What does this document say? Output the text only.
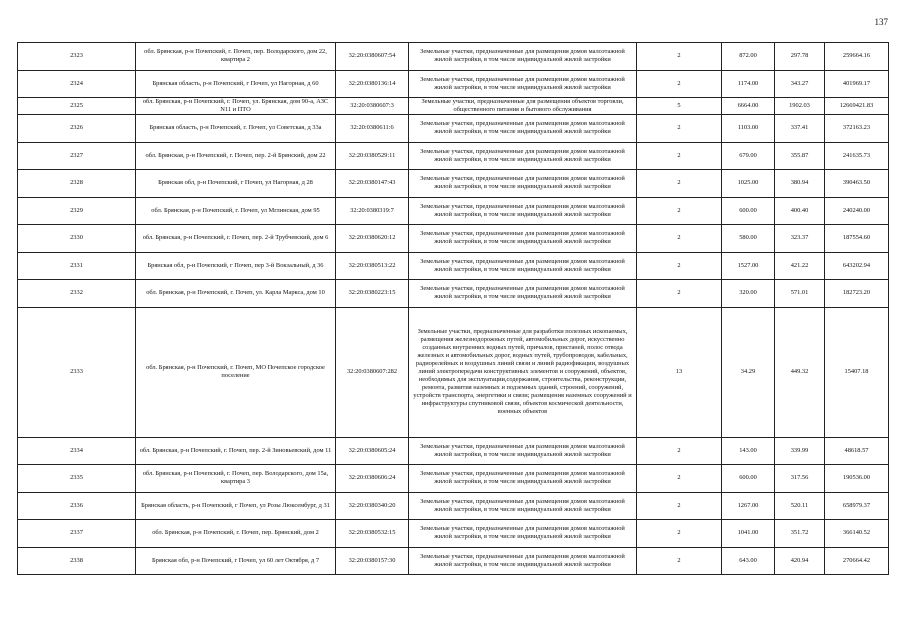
137
2323	обл. Брянская, р-н Почепский, г. Почеп, пер. Володарского, дом 22, квартира 2	32:20:0380607:54	Земельные участки, предназначенные для размещения домов малоэтажной жилой застройки, в том числе индивидуальной жилой застройки	2	872.00	297.78	259664.16
2324	Брянская область, р-н Почепский, г Почеп, ул Нагорная, д 60	32:20:0380136:14	Земельные участки, предназначенные для размещения домов малоэтажной жилой застройки, в том числе индивидуальной жилой застройки	2	1174.00	343.27	401969.17
2325	обл. Брянская, р-н Почепский, г. Почеп, ул. Брянская, дом 90-а, АЗС N11 и ПТО	32:20:0380607:3	Земельные участки, предназначенные для размещения объектов торговли, общественного питания и бытового обслуживания	5	6664.00	1902.03	12669421.83
2326	Брянская область, р-н Почепский, г. Почеп, ул Советская, д 33а	32:20:0380611:6	Земельные участки, предназначенные для размещения домов малоэтажной жилой застройки, в том числе индивидуальной жилой застройки	2	1103.00	337.41	372163.23
2327	обл. Брянская, р-н Почепский, г. Почеп, пер. 2-й Брянский, дом 22	32:20:0380529:11	Земельные участки, предназначенные для размещения домов малоэтажной жилой застройки, в том числе индивидуальной жилой застройки	2	679.00	355.87	241635.73
2328	Брянская обл, р-н Почепский, г Почеп, ул Нагорная, д 28	32:20:0380147:43	Земельные участки, предназначенные для размещения домов малоэтажной жилой застройки, в том числе индивидуальной жилой застройки	2	1025.00	380.94	390463.50
2329	обл. Брянская, р-н Почепский, г. Почеп, ул Мглинская, дом 95	32:20:0380319:7	Земельные участки, предназначенные для размещения домов малоэтажной жилой застройки, в том числе индивидуальной жилой застройки	2	600.00	400.40	240240.00
2330	обл. Брянская, р-н Почепский, г. Почеп, пер. 2-й Трубчевский, дом 6	32:20:0380620:12	Земельные участки, предназначенные для размещения домов малоэтажной жилой застройки, в том числе индивидуальной жилой застройки	2	580.00	323.37	187554.60
2331	Брянская обл, р-н Почепский, г Почеп, пер 3-й Вокзальный, д 36	32:20:0380513:22	Земельные участки, предназначенные для размещения домов малоэтажной жилой застройки, в том числе индивидуальной жилой застройки	2	1527.00	421.22	643202.94
2332	обл. Брянская, р-н Почепский, г. Почеп, ул. Карла Маркса, дом 10	32:20:0380223:15	Земельные участки, предназначенные для размещения домов малоэтажной жилой застройки, в том числе индивидуальной жилой застройки	2	320.00	571.01	182723.20
2333	обл. Брянская, р-н Почепский, г. Почеп, МО Почепское городское поселение	32:20:0380607:282	Земельные участки, предназначенные для разработки полезных ископаемых, размещения железнодорожных путей, автомобильных дорог, искусственно созданных внутренних водных путей, причалов, пристаней, полос отвода железных и автомобильных дорог, водных путей, трубопроводов, кабельных, радиорелейных и воздушных линий связи и линий радиофикации, воздушных линий электропередачи конструктивных элементов и сооружений, объектов, необходимых для эксплуатации,содержания, строительства, реконструкции, ремонта, развития наземных и подземных зданий, строений, сооружений, устройств транспорта, энергетики и связи; размещения наземных сооружений и инфраструктуры спутниковой связи, объектов космической деятельности, военных объектов	13	34.29	449.32	15407.18
2334	обл. Брянская, р-н Почепский, г. Почеп, пер. 2-й Зиновьевский, дом 11	32:20:0380605:24	Земельные участки, предназначенные для размещения домов малоэтажной жилой застройки, в том числе индивидуальной жилой застройки	2	143.00	339.99	48618.57
2335	обл. Брянская, р-н Почепский, г. Почеп, пер. Володарского, дом 15а, квартира 3	32:20:0380606:24	Земельные участки, предназначенные для размещения домов малоэтажной жилой застройки, в том числе индивидуальной жилой застройки	2	600.00	317.56	190536.00
2336	Брянская область, р-н Почепский, г Почеп, ул Розы Люксембург, д 31	32:20:0380340:20	Земельные участки, предназначенные для размещения домов малоэтажной жилой застройки, в том числе индивидуальной жилой застройки	2	1267.00	520.11	658979.37
2337	обл. Брянская, р-н Почепский, г. Почеп, пер. Брянский, дом 2	32:20:0380532:15	Земельные участки, предназначенные для размещения домов малоэтажной жилой застройки, в том числе индивидуальной жилой застройки	2	1041.00	351.72	366140.52
2338	Брянская обл, р-н Почепский, г Почеп, ул 60 лет Октября, д 7	32:20:0380157:30	Земельные участки, предназначенные для размещения домов малоэтажной жилой застройки, в том числе индивидуальной жилой застройки	2	643.00	420.94	270664.42
